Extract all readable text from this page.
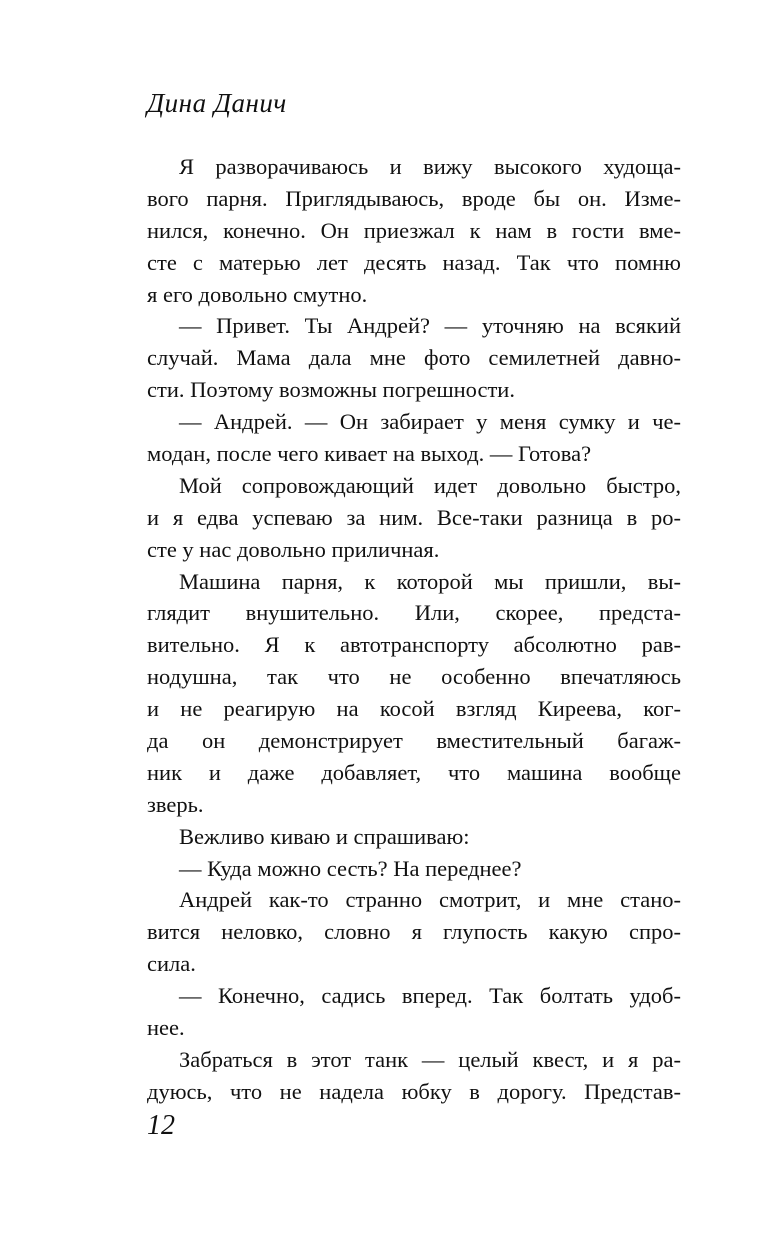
Дина Данич
Я разворачиваюсь и вижу высокого худоща-
вого парня. Приглядываюсь, вроде бы он. Изме-
нился, конечно. Он приезжал к нам в гости вме-
сте с матерью лет десять назад. Так что помню
я его довольно смутно.
— Привет. Ты Андрей? — уточняю на всякий
случай. Мама дала мне фото семилетней давно-
сти. Поэтому возможны погрешности.
— Андрей. — Он забирает у меня сумку и че-
модан, после чего кивает на выход. — Готова?
Мой сопровождающий идет довольно быстро,
и я едва успеваю за ним. Все-таки разница в ро-
сте у нас довольно приличная.
Машина парня, к которой мы пришли, вы-
глядит внушительно. Или, скорее, предста-
вительно. Я к автотранспорту абсолютно рав-
нодушна, так что не особенно впечатляюсь
и не реагирую на косой взгляд Киреева, ког-
да он демонстрирует вместительный багаж-
ник и даже добавляет, что машина вообще
зверь.
Вежливо киваю и спрашиваю:
— Куда можно сесть? На переднее?
Андрей как-то странно смотрит, и мне стано-
вится неловко, словно я глупость какую спро-
сила.
— Конечно, садись вперед. Так болтать удоб-
нее.
Забраться в этот танк — целый квест, и я ра-
дуюсь, что не надела юбку в дорогу. Представ-
12
